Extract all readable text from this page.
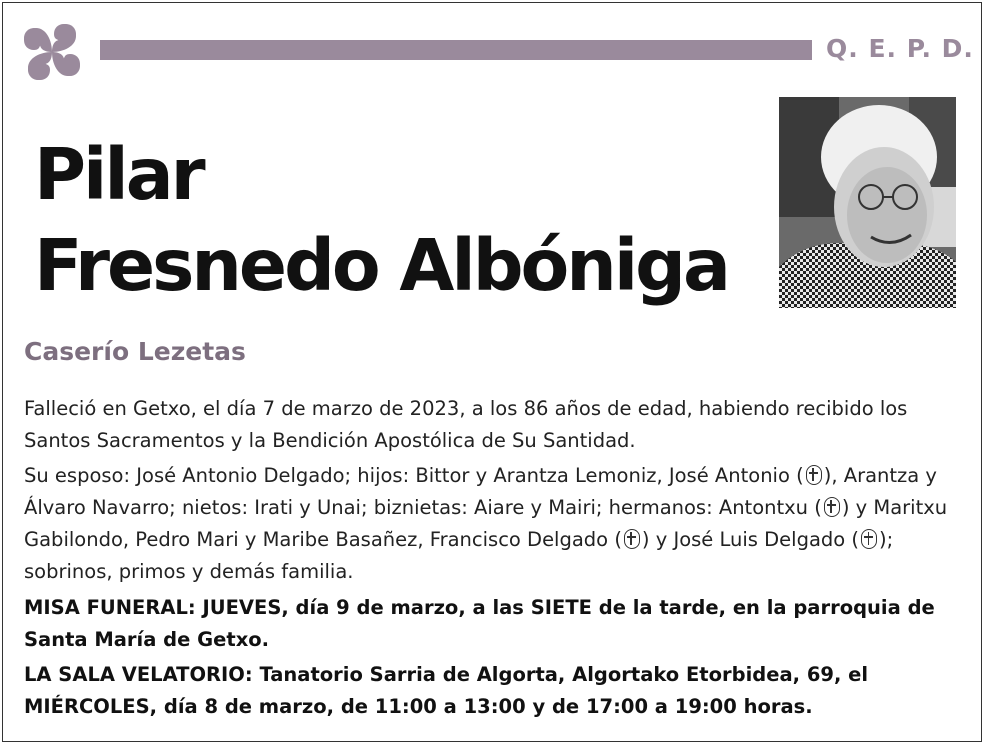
Q. E. P. D.
Pilar
Fresnedo Albóniga
Caserío Lezetas
Falleció en Getxo, el día 7 de marzo de 2023, a los 86 años de edad, habiendo recibido los Santos Sacramentos y la Bendición Apostólica de Su Santidad.
Su esposo: José Antonio Delgado; hijos: Bittor y Arantza Lemoniz, José Antonio ( ), Arantza y Álvaro Navarro; nietos: Irati y Unai; biznietas: Aiare y Mairi; hermanos: Antontxu ( ) y Maritxu Gabilondo, Pedro Mari y Maribe Basañez, Francisco Delgado ( ) y José Luis Delgado ( ); sobrinos, primos y demás familia.
MISA FUNERAL: JUEVES, día 9 de marzo, a las SIETE de la tarde, en la parroquia de Santa María de Getxo.
LA SALA VELATORIO: Tanatorio Sarria de Algorta, Algortako Etorbidea, 69, el MIÉRCOLES, día 8 de marzo, de 11:00 a 13:00 y de 17:00 a 19:00 horas.
